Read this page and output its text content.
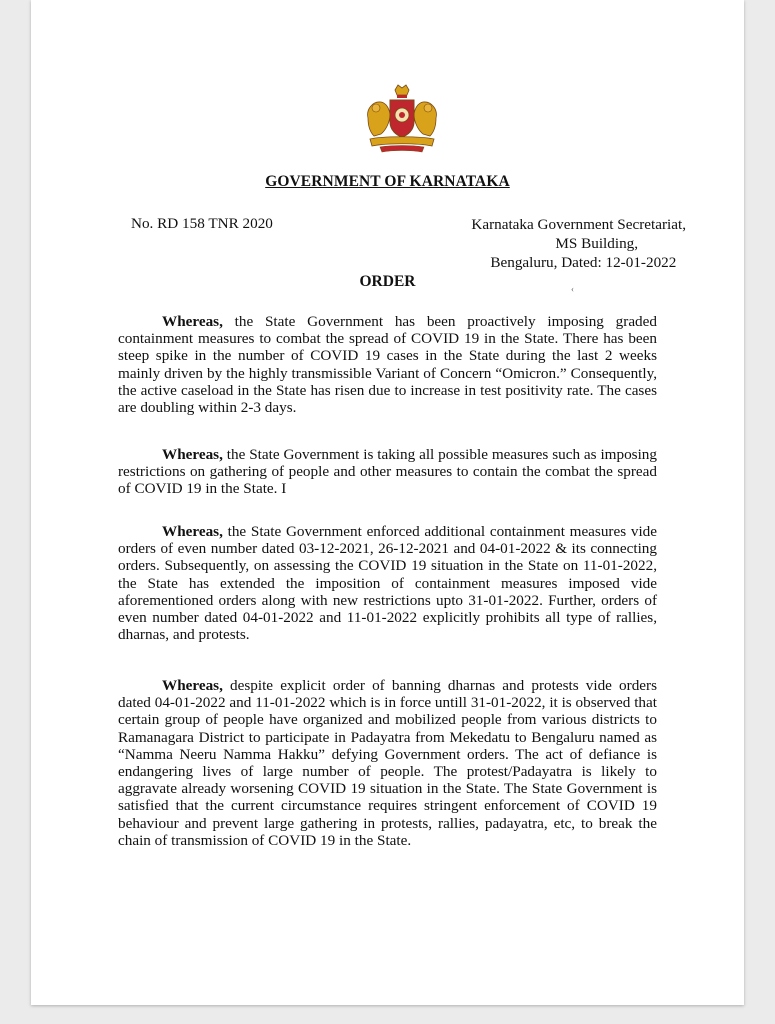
GOVERNMENT OF KARNATAKA
No. RD 158 TNR 2020	Karnataka Government Secretariat,
MS Building,
Bengaluru, Dated: 12-01-2022
ORDER	‹

Whereas, the State Government has been proactively imposing graded containment measures to combat the spread of COVID 19 in the State. There has been steep spike in the number of COVID 19 cases in the State during the last 2 weeks mainly driven by the highly transmissible Variant of Concern “Omicron.” Consequently, the active caseload in the State has risen due to increase in test positivity rate. The cases are doubling within 2-3 days.

Whereas, the State Government is taking all possible measures such as imposing restrictions on gathering of people and other measures to contain the combat the spread of COVID 19 in the State. I

Whereas, the State Government enforced additional containment measures vide orders of even number dated 03-12-2021, 26-12-2021 and 04-01-2022 & its connecting orders. Subsequently, on assessing the COVID 19 situation in the State on 11-01-2022, the State has extended the imposition of containment measures imposed vide aforementioned orders along with new restrictions upto 31-01-2022. Further, orders of even number dated 04-01-2022 and 11-01-2022 explicitly prohibits all type of rallies, dharnas, and protests.

Whereas, despite explicit order of banning dharnas and protests vide orders dated 04-01-2022 and 11-01-2022 which is in force untill 31-01-2022, it is observed that certain group of people have organized and mobilized people from various districts to Ramanagara District to participate in Padayatra from Mekedatu to Bengaluru named as “Namma Neeru Namma Hakku” defying Government orders. The act of defiance is endangering lives of large number of people. The protest/Padayatra is likely to aggravate already worsening COVID 19 situation in the State. The State Government is satisfied that the current circumstance requires stringent enforcement of COVID 19 behaviour and prevent large gathering in protests, rallies, padayatra, etc, to break the chain of transmission of COVID 19 in the State.
